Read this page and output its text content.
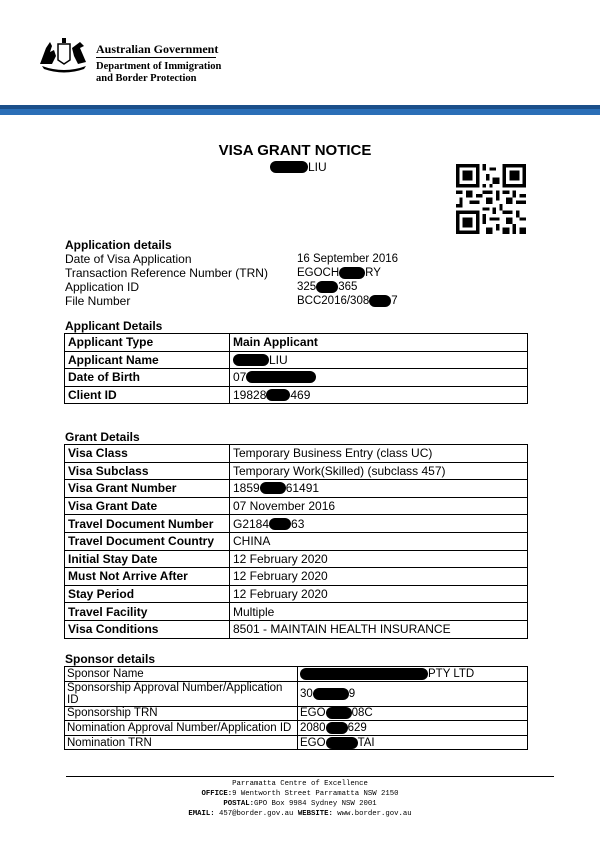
Australian Government
Department of Immigration
and Border Protection
VISA GRANT NOTICE
LIU
Application details
Date of Visa Application	16 September 2016
Transaction Reference Number (TRN)	EGOCH RY
Application ID	325 365
File Number	BCC2016/308 7
Applicant Details
Applicant Type	Main Applicant
Applicant Name	LIU

Date of Birth	07

Client ID	19828 469
Grant Details
Visa Class	Temporary Business Entry (class UC)
Visa Subclass	Temporary Work(Skilled) (subclass 457)
Visa Grant Number	1859 61491

Visa Grant Date	07 November 2016
Travel Document Number	G2184 63

Travel Document Country	CHINA
Initial Stay Date	12 February 2020
Must Not Arrive After	12 February 2020
Stay Period	12 February 2020
Travel Facility	Multiple
Visa Conditions	8501 - MAINTAIN HEALTH INSURANCE
Sponsor details
Sponsor Name	PTY LTD

Sponsorship Approval Number/Application ID	30 9

Sponsorship TRN	EGO 08C

Nomination Approval Number/Application ID	2080 629

Nomination TRN	EGO TAI
Parramatta Centre of Excellence
OFFICE:9 Wentworth Street Parramatta NSW 2150
POSTAL:GPO Box 9984 Sydney NSW 2001
EMAIL: 457@border.gov.au WEBSITE: www.border.gov.au
